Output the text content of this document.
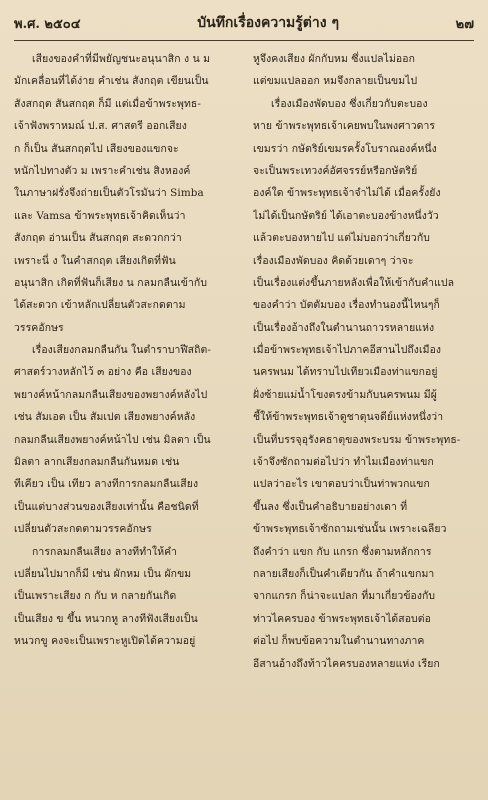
พ.ศ. ๒๕๐๔	บันทึกเรื่องความรู้ต่าง ๆ	๒๗
เสียงของคำที่มีพยัญชนะอนุนาสิก ง น ม
มักเคลื่อนที่ได้ง่าย คำเช่น สังกฤต เขียนเป็น
สังสกฤต สันสกฤต ก็มี แต่เมื่อข้าพระพุทธ-
เจ้าฟังพราหมณ์ ป.ส. ศาสตรี ออกเสียง
ก ก็เป็น สันสกฤตไป เสียงของแขกจะ
หนักไปทางตัว ม เพราะคำเช่น สิงหองค์
ในภาษาฝรั่งจึงถ่ายเป็นตัวโรมันว่า Simba
และ Vamsa ข้าพระพุทธเจ้าคิดเห็นว่า
สังกฤต อ่านเป็น สันสกฤต สะดวกกว่า
เพราะนี่ ง ในคำสกฤต เสียงเกิดที่ฟัน
อนุนาสิก เกิดที่ฟันก็เสียง น กลมกลืนเข้ากับ
ได้สะดวก เข้าหลักเปลี่ยนตัวสะกดตาม
วรรคอักษร
เรื่องเสียงกลมกลืนกัน ในตำราบาฬีสถิต-
ศาสตร์วางหลักไว้ ๓ อย่าง คือ เสียงของ
พยางค์หน้ากลมกลืนเสียงของพยางค์หลังไป
เช่น สัมเอต เป็น สัมเปต เสียงพยางค์หลัง
กลมกลืนเสียงพยางค์หน้าไป เช่น มิลตา เป็น
มิลตา ลากเสียงกลมกลืนกันหมด เช่น
ทีเคียว เป็น เทียว ลางทีการกลมกลืนเสียง
เป็นแต่บางส่วนของเสียงเท่านั้น คือชนิดที่
เปลี่ยนตัวสะกดตามวรรคอักษร
การกลมกลืนเสียง ลางทีทำให้คำ
เปลี่ยนไปมากก็มี เช่น ผักหม เป็น ผักขม
เป็นเพราะเสียง ก กับ ห กลายกันเกิด
เป็นเสียง ข ขึ้น หนวกหู ลางทีฟังเสียงเป็น
หนวกขู คงจะเป็นเพราะหูเปิดได้ความอยู่
หูจึงคงเสียง ผักกับหม ซึ่งแปลไม่ออก
แต่ขมแปลออก หมจึงกลายเป็นขมไป
เรื่องเมืองพัดบอง ซึ่งเกี่ยวกับตะบอง
หาย ข้าพระพุทธเจ้าเคยพบในพงศาวดาร
เขมรว่า กษัตริย์เขมรครั้งโบราณองค์หนึ่ง
จะเป็นพระเทวงค์อัศจรรย์หรือกษัตริย์
องค์ใด ข้าพระพุทธเจ้าจำไม่ได้ เมื่อครั้งยัง
ไม่ได้เป็นกษัตริย์ ได้เอาตะบองข้างหนึ่งวัว
แล้วตะบองหายไป แต่ไม่บอกว่าเกี่ยวกับ
เรื่องเมืองพัดบอง คิดด้วยเดาๆ ว่าจะ
เป็นเรื่องแต่งขึ้นภายหลังเพื่อให้เข้ากับคำแปล
ของคำว่า บัตตัมบอง เรื่องทำนองนี้ไหนๆก็
เป็นเรื่องอ้างถึงในตำนานถาวรหลายแห่ง
เมื่อข้าพระพุทธเจ้าไปภาคอีสานไปถึงเมือง
นครพนม ได้ทราบไปเทียวเมืองท่าแขกอยู่
ฝั่งซ้ายแม่น้ำโขงตรงข้ามกับนครพนม มีผู้
ชี้ให้ข้าพระพุทธเจ้าดูชาดุนจดีย์แห่งหนึ่งว่า
เป็นที่บรรจุอุรังคธาตุของพระบรม ข้าพระพุทธ-
เจ้าจึงซักถามต่อไปว่า ทำไมเมืองท่าแขก
แปลว่าอะไร เขาตอบว่าเป็นท่าพวกแขก
ขึ้นลง ซึ่งเป็นคำอธิบายอย่างเดา ที่
ข้าพระพุทธเจ้าซักถามเช่นนั้น เพราะเฉลียว
ถึงคำว่า แขก กับ แกรก ซึ่งตามหลักการ
กลายเสียงก็เป็นคำเดียวกัน ถ้าคำแขกมา
จากแกรก ก็น่าจะแปลก ที่มาเกี่ยวข้องกับ
ท่าวไคครบอง ข้าพระพุทธเจ้าได้สอบต่อ
ต่อไป ก็พบข้อความในตำนานทางภาค
อีสานอ้างถึงท้าวไคครบองหลายแห่ง เรียก
